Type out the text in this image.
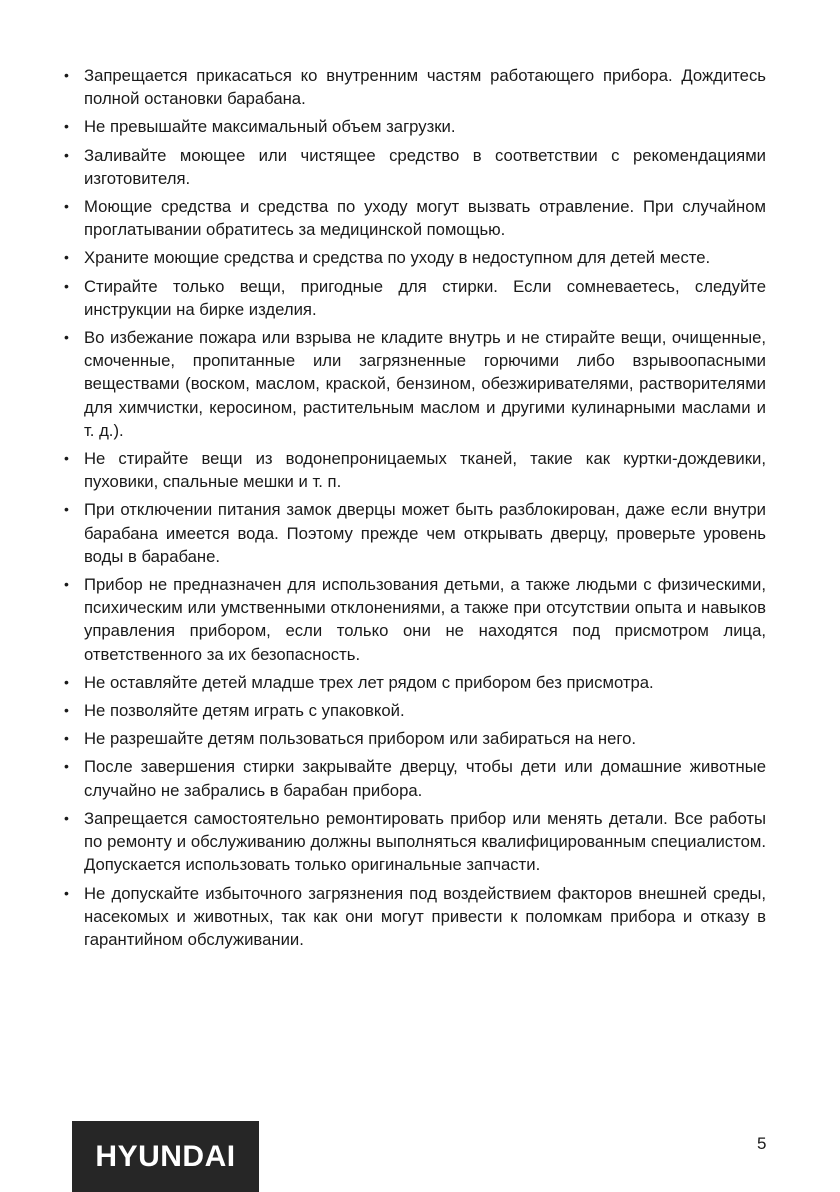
• Запрещается прикасаться ко внутренним частям работающего прибора. Дождитесь полной остановки барабана.
• Не превышайте максимальный объем загрузки.
• Заливайте моющее или чистящее средство в соответствии с рекомендациями изготовителя.
• Моющие средства и средства по уходу могут вызвать отравление. При случайном проглатывании обратитесь за медицинской помощью.
• Храните моющие средства и средства по уходу в недоступном для детей месте.
• Стирайте только вещи, пригодные для стирки. Если сомневаетесь, следуйте инструкции на бирке изделия.
• Во избежание пожара или взрыва не кладите внутрь и не стирайте вещи, очищенные, смоченные, пропитанные или загрязненные горючими либо взрывоопасными веществами (воском, маслом, краской, бензином, обезжиривателями, растворителями для химчистки, керосином, растительным маслом и другими кулинарными маслами и т. д.).
• Не стирайте вещи из водонепроницаемых тканей, такие как куртки-дождевики, пуховики, спальные мешки и т. п.
• При отключении питания замок дверцы может быть разблокирован, даже если внутри барабана имеется вода. Поэтому прежде чем открывать дверцу, проверьте уровень воды в барабане.
• Прибор не предназначен для использования детьми, а также людьми с физическими, психическим или умственными отклонениями, а также при отсутствии опыта и навыков управления прибором, если только они не находятся под присмотром лица, ответственного за их безопасность.
• Не оставляйте детей младше трех лет рядом с прибором без присмотра.
• Не позволяйте детям играть с упаковкой.
• Не разрешайте детям пользоваться прибором или забираться на него.
• После завершения стирки закрывайте дверцу, чтобы дети или домашние животные случайно не забрались в барабан прибора.
• Запрещается самостоятельно ремонтировать прибор или менять детали. Все работы по ремонту и обслуживанию должны выполняться квалифицированным специалистом. Допускается использовать только оригинальные запчасти.
• Не допускайте избыточного загрязнения под воздействием факторов внешней среды, насекомых и животных, так как они могут привести к поломкам прибора и отказу в гарантийном обслуживании.
HYUNDAI	5
